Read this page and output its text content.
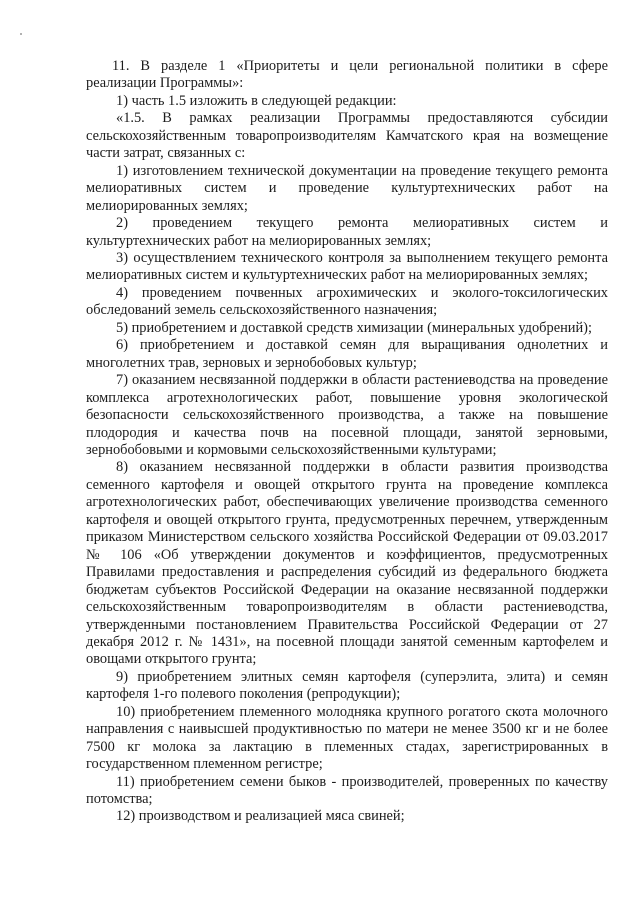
11. В разделе 1 «Приоритеты и цели региональной политики в сфере реализации Программы»:

1) часть 1.5 изложить в следующей редакции:

«1.5. В рамках реализации Программы предоставляются субсидии сельскохозяйственным товаропроизводителям Камчатского края на возмещение части затрат, связанных с:

1) изготовлением технической документации на проведение текущего ремонта мелиоративных систем и проведение культуртехнических работ на мелиорированных землях;

2) проведением текущего ремонта мелиоративных систем и культуртехнических работ на мелиорированных землях;

3) осуществлением технического контроля за выполнением текущего ремонта мелиоративных систем и культуртехнических работ на мелиорированных землях;

4) проведением почвенных агрохимических и эколого-токсилогических обследований земель сельскохозяйственного назначения;

5) приобретением и доставкой средств химизации (минеральных удобрений);

6) приобретением и доставкой семян для выращивания однолетних и многолетних трав, зерновых и зернобобовых культур;

7) оказанием несвязанной поддержки в области растениеводства на проведение комплекса агротехнологических работ, повышение уровня экологической безопасности сельскохозяйственного производства, а также на повышение плодородия и качества почв на посевной площади, занятой зерновыми, зернобобовыми и кормовыми сельскохозяйственными культурами;

8) оказанием несвязанной поддержки в области развития производства семенного картофеля и овощей открытого грунта на проведение комплекса агротехнологических работ, обеспечивающих увеличение производства семенного картофеля и овощей открытого грунта, предусмотренных перечнем, утвержденным приказом Министерством сельского хозяйства Российской Федерации от 09.03.2017 № 106 «Об утверждении документов и коэффициентов, предусмотренных Правилами предоставления и распределения субсидий из федерального бюджета бюджетам субъектов Российской Федерации на оказание несвязанной поддержки сельскохозяйственным товаропроизводителям в области растениеводства, утвержденными постановлением Правительства Российской Федерации от 27 декабря 2012 г. № 1431», на посевной площади занятой семенным картофелем и овощами открытого грунта;

9) приобретением элитных семян картофеля (суперэлита, элита) и семян картофеля 1-го полевого поколения (репродукции);

10) приобретением племенного молодняка крупного рогатого скота молочного направления с наивысшей продуктивностью по матери не менее 3500 кг и не более 7500 кг молока за лактацию в племенных стадах, зарегистрированных в государственном племенном регистре;

11) приобретением семени быков - производителей, проверенных по качеству потомства;

12) производством и реализацией мяса свиней;
